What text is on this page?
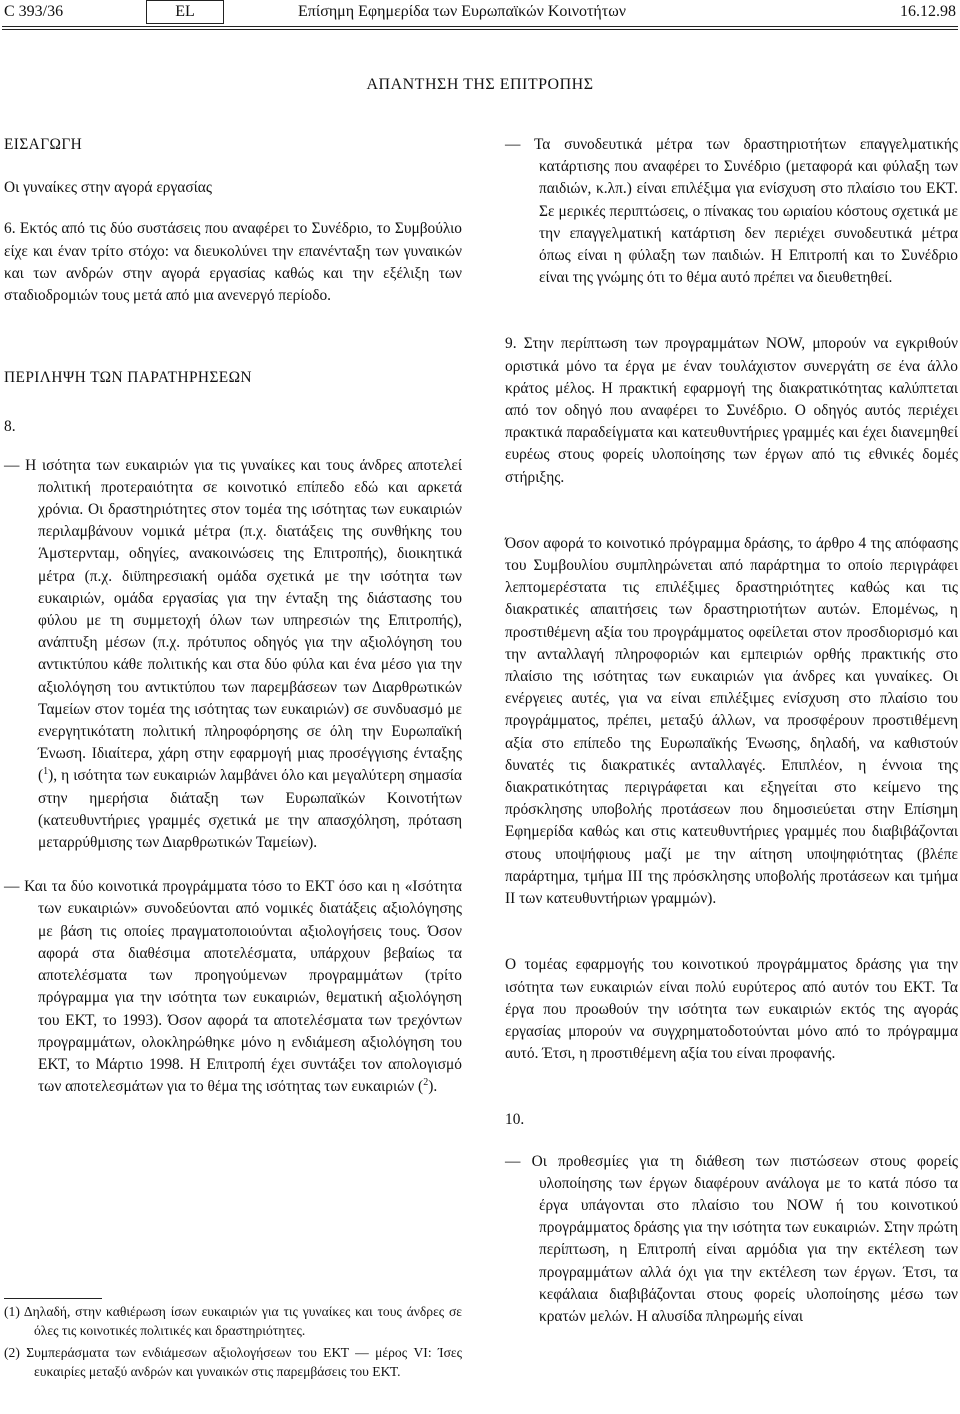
C 393/36	EL	Επίσημη Εφημερίδα των Ευρωπαϊκών Κοινοτήτων	16.12.98
ΑΠΑΝΤΗΣΗ ΤΗΣ ΕΠΙΤΡΟΠΗΣ

ΕΙΣΑΓΩΓΗ

Οι γυναίκες στην αγορά εργασίας

6. Εκτός από τις δύο συστάσεις που αναφέρει το Συνέδριο, το Συμβούλιο είχε και έναν τρίτο στόχο: να διευκολύνει την επανένταξη των γυναικών και των ανδρών στην αγορά εργασίας καθώς και την εξέλιξη των σταδιοδρομιών τους μετά από μια ανενεργό περίοδο.

ΠΕΡΙΛΗΨΗ ΤΩΝ ΠΑΡΑΤΗΡΗΣΕΩΝ

8.

— Η ισότητα των ευκαιριών για τις γυναίκες και τους άνδρες αποτελεί πολιτική προτεραιότητα σε κοινοτικό επίπεδο εδώ και αρκετά χρόνια. Οι δραστηριότητες στον τομέα της ισότητας των ευκαιριών περιλαμβάνουν νομικά μέτρα (π.χ. διατάξεις της συνθήκης του Άμστερνταμ, οδηγίες, ανακοινώσεις της Επιτροπής), διοικητικά μέτρα (π.χ. διϋπηρεσιακή ομάδα σχετικά με την ισότητα των ευκαιριών, ομάδα εργασίας για την ένταξη της διάστασης του φύλου με τη συμμετοχή όλων των υπηρεσιών της Επιτροπής), ανάπτυξη μέσων (π.χ. πρότυπος οδηγός για την αξιολόγηση του αντικτύπου κάθε πολιτικής και στα δύο φύλα και ένα μέσο για την αξιολόγηση του αντικτύπου των παρεμβάσεων των Διαρθρωτικών Ταμείων στον τομέα της ισότητας των ευκαιριών) σε συνδυασμό με ενεργητικότατη πολιτική πληροφόρησης σε όλη την Ευρωπαϊκή Ένωση. Ιδιαίτερα, χάρη στην εφαρμογή μιας προσέγγισης ένταξης ($^1$), η ισότητα των ευκαιριών λαμβάνει όλο και μεγαλύτερη σημασία στην ημερήσια διάταξη των Ευρωπαϊκών Κοινοτήτων (κατευθυντήριες γραμμές σχετικά με την απασχόληση, πρόταση μεταρρύθμισης των Διαρθρωτικών Ταμείων).

— Και τα δύο κοινοτικά προγράμματα τόσο το ΕΚΤ όσο και η «Ισότητα των ευκαιριών» συνοδεύονται από νομικές διατάξεις αξιολόγησης με βάση τις οποίες πραγματοποιούνται αξιολογήσεις τους. Όσον αφορά στα διαθέσιμα αποτελέσματα, υπάρχουν βεβαίως τα αποτελέσματα των προηγούμενων προγραμμάτων (τρίτο πρόγραμμα για την ισότητα των ευκαιριών, θεματική αξιολόγηση του ΕΚΤ, το 1993). Όσον αφορά τα αποτελέσματα των τρεχόντων προγραμμάτων, ολοκληρώθηκε μόνο η ενδιάμεση αξιολόγηση του ΕΚΤ, το Μάρτιο 1998. Η Επιτροπή έχει συντάξει τον απολογισμό των αποτελεσμάτων για το θέμα της ισότητας των ευκαιριών ($^2$).

(1) Δηλαδή, στην καθιέρωση ίσων ευκαιριών για τις γυναίκες και τους άνδρες σε όλες τις κοινοτικές πολιτικές και δραστηριότητες.

(2) Συμπεράσματα των ενδιάμεσων αξιολογήσεων του ΕΚΤ — μέρος VI: Ίσες ευκαιρίες μεταξύ ανδρών και γυναικών στις παρεμβάσεις του ΕΚΤ.

— Τα συνοδευτικά μέτρα των δραστηριοτήτων επαγγελματικής κατάρτισης που αναφέρει το Συνέδριο (μεταφορά και φύλαξη των παιδιών, κ.λπ.) είναι επιλέξιμα για ενίσχυση στο πλαίσιο του ΕΚΤ. Σε μερικές περιπτώσεις, ο πίνακας του ωριαίου κόστους σχετικά με την επαγγελματική κατάρτιση δεν περιέχει συνοδευτικά μέτρα όπως είναι η φύλαξη των παιδιών. Η Επιτροπή και το Συνέδριο είναι της γνώμης ότι το θέμα αυτό πρέπει να διευθετηθεί.

9. Στην περίπτωση των προγραμμάτων NOW, μπορούν να εγκριθούν οριστικά μόνο τα έργα με έναν τουλάχιστον συνεργάτη σε ένα άλλο κράτος μέλος. Η πρακτική εφαρμογή της διακρατικότητας καλύπτεται από τον οδηγό που αναφέρει το Συνέδριο. Ο οδηγός αυτός περιέχει πρακτικά παραδείγματα και κατευθυντήριες γραμμές και έχει διανεμηθεί ευρέως στους φορείς υλοποίησης των έργων από τις εθνικές δομές στήριξης.

Όσον αφορά το κοινοτικό πρόγραμμα δράσης, το άρθρο 4 της απόφασης του Συμβουλίου συμπληρώνεται από παράρτημα το οποίο περιγράφει λεπτομερέστατα τις επιλέξιμες δραστηριότητες καθώς και τις διακρατικές απαιτήσεις των δραστηριοτήτων αυτών. Επομένως, η προστιθέμενη αξία του προγράμματος οφείλεται στον προσδιορισμό και την ανταλλαγή πληροφοριών και εμπειριών ορθής πρακτικής στο πλαίσιο της ισότητας των ευκαιριών για άνδρες και γυναίκες. Οι ενέργειες αυτές, για να είναι επιλέξιμες ενίσχυση στο πλαίσιο του προγράμματος, πρέπει, μεταξύ άλλων, να προσφέρουν προστιθέμενη αξία στο επίπεδο της Ευρωπαϊκής Ένωσης, δηλαδή, να καθιστούν δυνατές τις διακρατικές ανταλλαγές. Επιπλέον, η έννοια της διακρατικότητας περιγράφεται και εξηγείται στο κείμενο της πρόσκλησης υποβολής προτάσεων που δημοσιεύεται στην Επίσημη Εφημερίδα καθώς και στις κατευθυντήριες γραμμές που διαβιβάζονται στους υποψήφιους μαζί με την αίτηση υποψηφιότητας (βλέπε παράρτημα, τμήμα ΙΙΙ της πρόσκλησης υποβολής προτάσεων και τμήμα ΙΙ των κατευθυντήριων γραμμών).

Ο τομέας εφαρμογής του κοινοτικού προγράμματος δράσης για την ισότητα των ευκαιριών είναι πολύ ευρύτερος από αυτόν του ΕΚΤ. Τα έργα που προωθούν την ισότητα των ευκαιριών εκτός της αγοράς εργασίας μπορούν να συγχρηματοδοτούνται μόνο από το πρόγραμμα αυτό. Έτσι, η προστιθέμενη αξία του είναι προφανής.

10.

— Οι προθεσμίες για τη διάθεση των πιστώσεων στους φορείς υλοποίησης των έργων διαφέρουν ανάλογα με το κατά πόσο τα έργα υπάγονται στο πλαίσιο του NOW ή του κοινοτικού προγράμματος δράσης για την ισότητα των ευκαιριών. Στην πρώτη περίπτωση, η Επιτροπή είναι αρμόδια για την εκτέλεση των προγραμμάτων αλλά όχι για την εκτέλεση των έργων. Έτσι, τα κεφάλαια διαβιβάζονται στους φορείς υλοποίησης μέσω των κρατών μελών. Η αλυσίδα πληρωμής είναι
